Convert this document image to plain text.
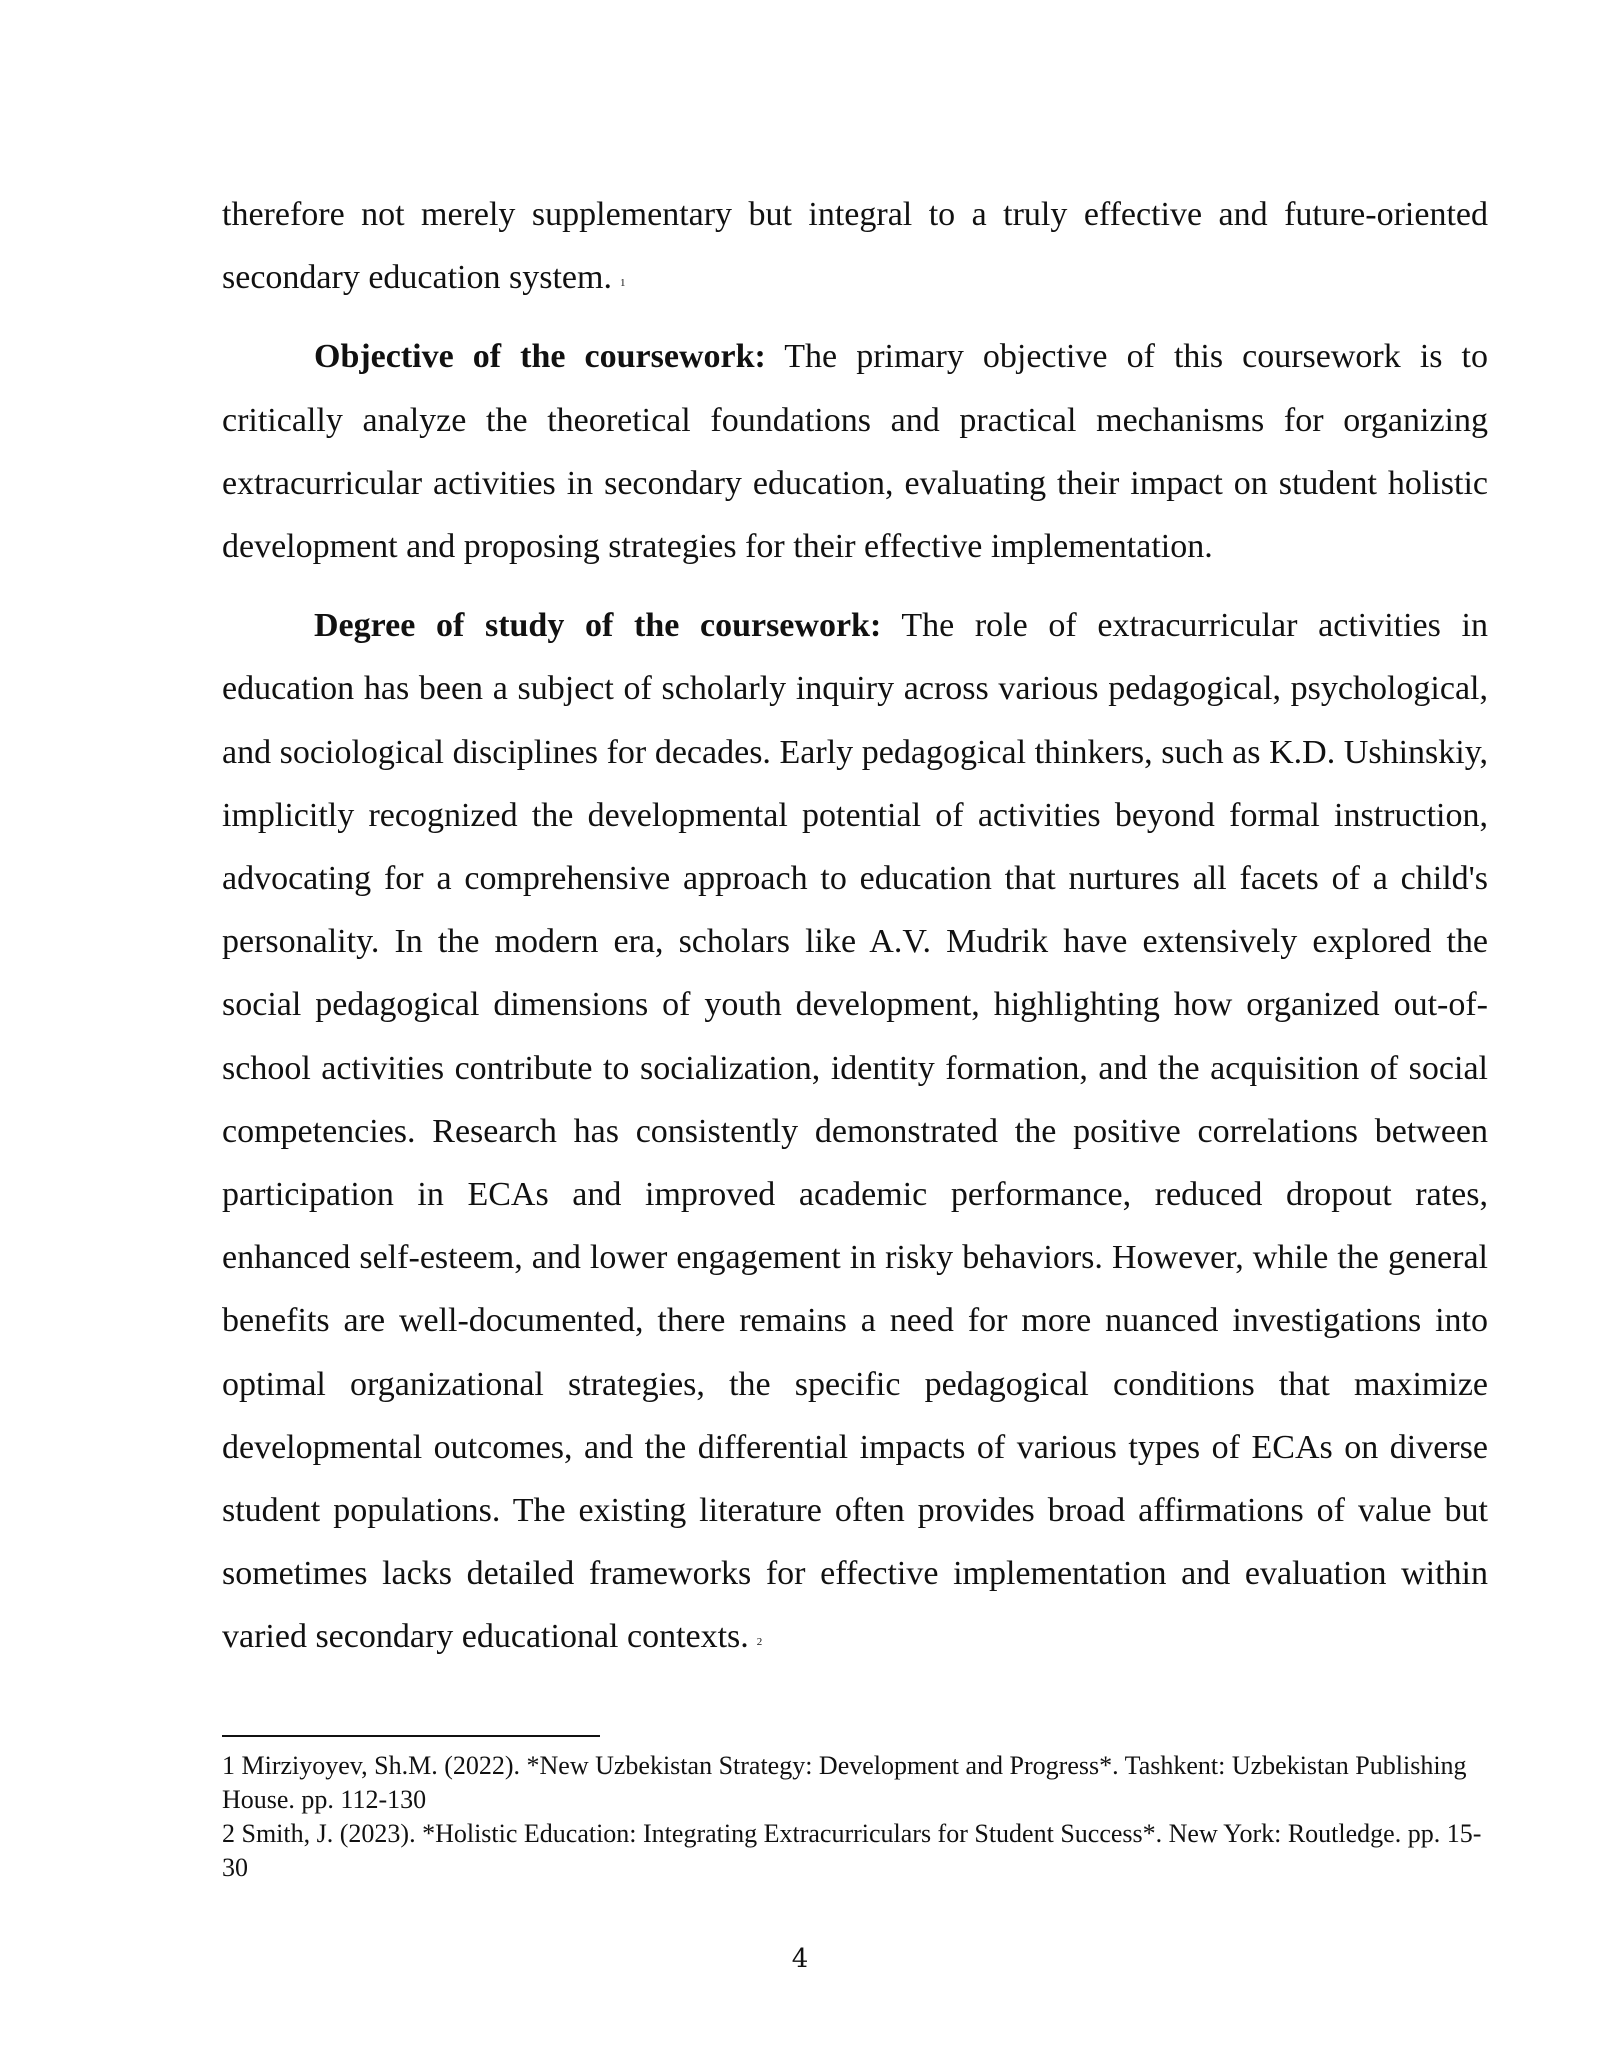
therefore not merely supplementary but integral to a truly effective and future-oriented secondary education system. $^1$

Objective of the coursework: The primary objective of this coursework is to critically analyze the theoretical foundations and practical mechanisms for organizing extracurricular activities in secondary education, evaluating their impact on student holistic development and proposing strategies for their effective implementation.

Degree of study of the coursework: The role of extracurricular activities in education has been a subject of scholarly inquiry across various pedagogical, psychological, and sociological disciplines for decades. Early pedagogical thinkers, such as K.D. Ushinskiy, implicitly recognized the developmental potential of activities beyond formal instruction, advocating for a comprehensive approach to education that nurtures all facets of a child's personality. In the modern era, scholars like A.V. Mudrik have extensively explored the social pedagogical dimensions of youth development, highlighting how organized out-of-school activities contribute to socialization, identity formation, and the acquisition of social competencies. Research has consistently demonstrated the positive correlations between participation in ECAs and improved academic performance, reduced dropout rates, enhanced self-esteem, and lower engagement in risky behaviors. However, while the general benefits are well-documented, there remains a need for more nuanced investigations into optimal organizational strategies, the specific pedagogical conditions that maximize developmental outcomes, and the differential impacts of various types of ECAs on diverse student populations. The existing literature often provides broad affirmations of value but sometimes lacks detailed frameworks for effective implementation and evaluation within varied secondary educational contexts. $^2$

1 Mirziyoyev, Sh.M. (2022). *New Uzbekistan Strategy: Development and Progress*. Tashkent: Uzbekistan Publishing House. pp. 112-130

2 Smith, J. (2023). *Holistic Education: Integrating Extracurriculars for Student Success*. New York: Routledge. pp. 15-30

4
